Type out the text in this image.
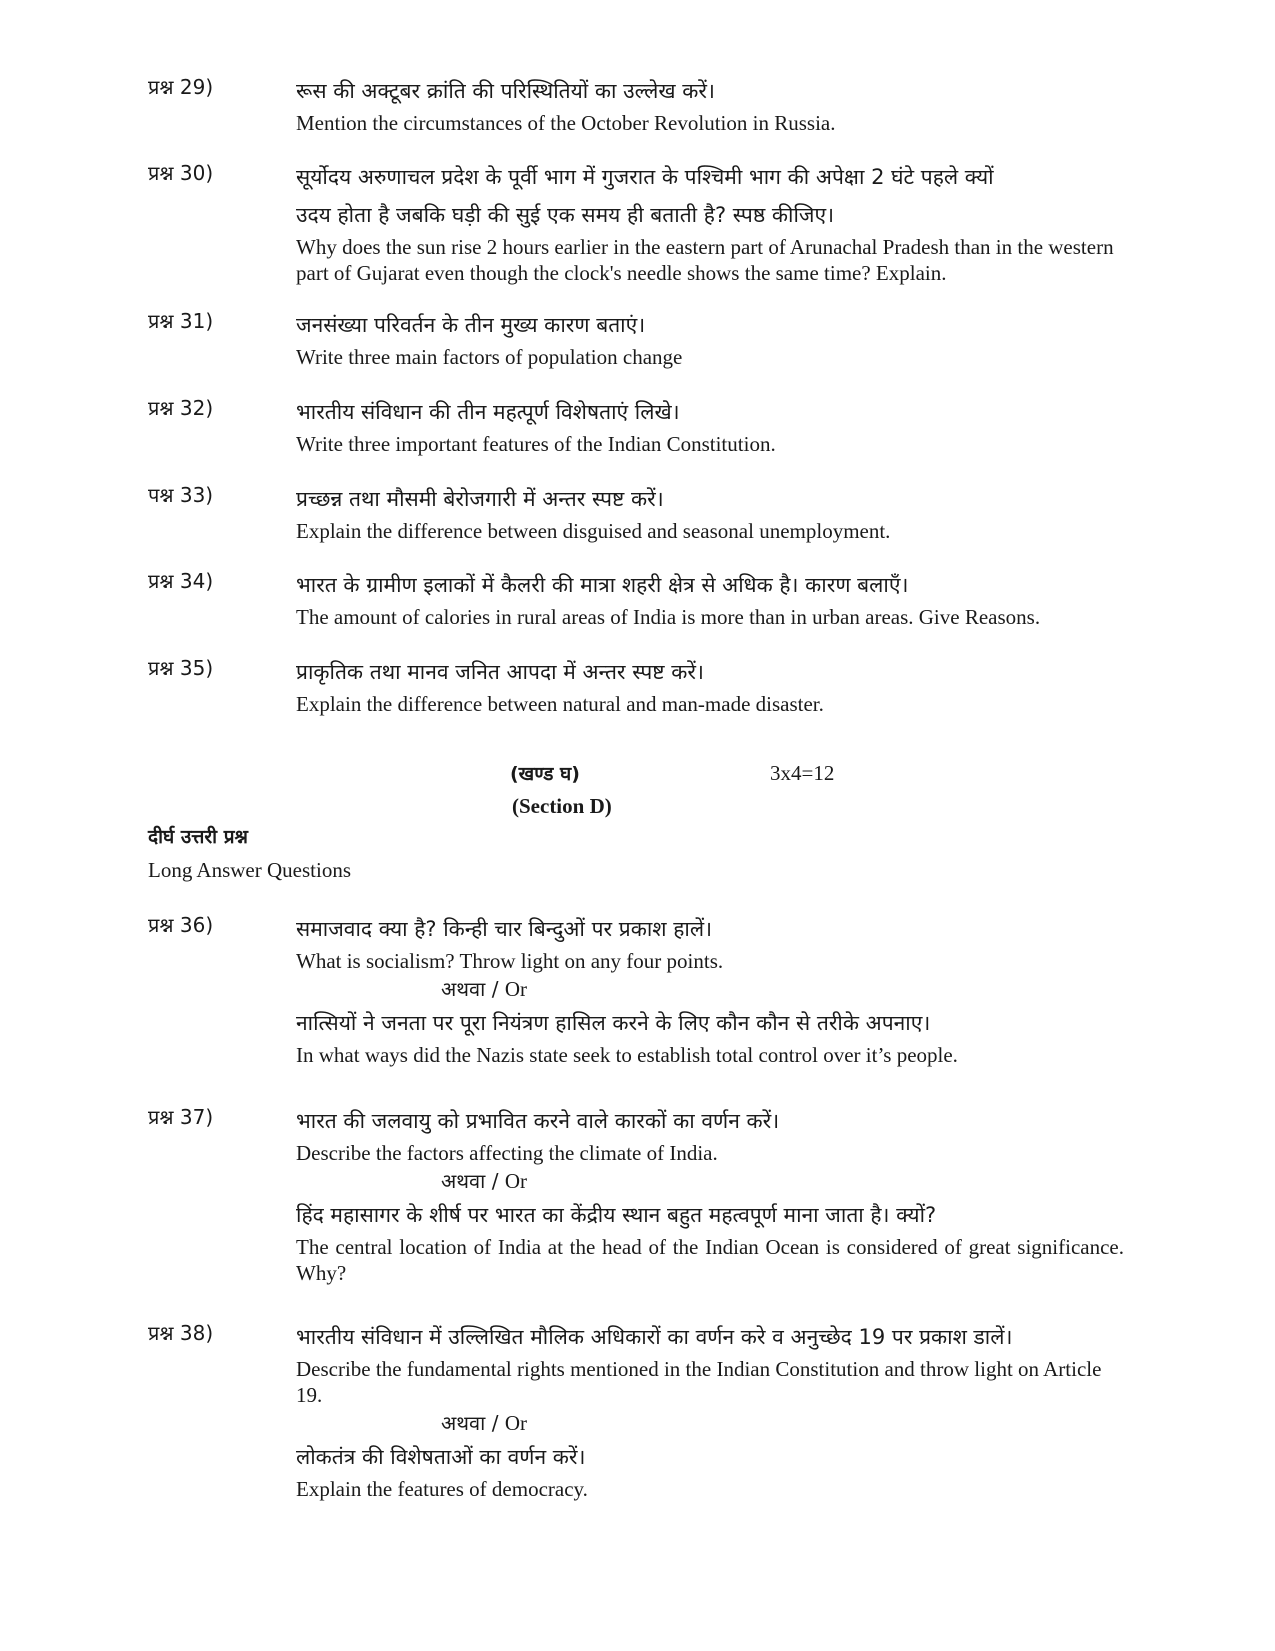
प्रश्न 29)	रूस की अक्टूबर क्रांति की परिस्थितियों का उल्लेख करें।
Mention the circumstances of the October Revolution in Russia.
प्रश्न 30)	सूर्योदय अरुणाचल प्रदेश के पूर्वी भाग में गुजरात के पश्चिमी भाग की अपेक्षा 2 घंटे पहले क्यों
उदय होता है जबकि घड़ी की सुई एक समय ही बताती है? स्पष्ठ कीजिए।
Why does the sun rise 2 hours earlier in the eastern part of Arunachal Pradesh than in the western part of Gujarat even though the clock's needle shows the same time? Explain.
प्रश्न 31)	जनसंख्या परिवर्तन के तीन मुख्य कारण बताएं।
Write three main factors of population change
प्रश्न 32)	भारतीय संविधान की तीन महत्पूर्ण विशेषताएं लिखे।
Write three important features of the Indian Constitution.
पश्न 33)	प्रच्छन्न तथा मौसमी बेरोजगारी में अन्तर स्पष्ट करें।
Explain the difference between disguised and seasonal unemployment.
प्रश्न 34)	भारत के ग्रामीण इलाकों में कैलरी की मात्रा शहरी क्षेत्र से अधिक है। कारण बलाएँ।
The amount of calories in rural areas of India is more than in urban areas. Give Reasons.
प्रश्न 35)	प्राकृतिक तथा मानव जनित आपदा में अन्तर स्पष्ट करें।
Explain the difference between natural and man-made disaster.
(खण्ड घ)	3x4=12
(Section D)
दीर्घ उत्तरी प्रश्न
Long Answer Questions
प्रश्न 36)	समाजवाद क्या है? किन्ही चार बिन्दुओं पर प्रकाश हालें।
What is socialism? Throw light on any four points.
अथवा / Or
नात्सियों ने जनता पर पूरा नियंत्रण हासिल करने के लिए कौन कौन से तरीके अपनाए।
In what ways did the Nazis state seek to establish total control over it’s people.
प्रश्न 37)	भारत की जलवायु को प्रभावित करने वाले कारकों का वर्णन करें।
Describe the factors affecting the climate of India.
अथवा / Or
हिंद महासागर के शीर्ष पर भारत का केंद्रीय स्थान बहुत महत्वपूर्ण माना जाता है। क्यों?
The central location of India at the head of the Indian Ocean is considered of great significance. Why?
प्रश्न 38)	भारतीय संविधान में उल्लिखित मौलिक अधिकारों का वर्णन करे व अनुच्छेद 19 पर प्रकाश डालें।
Describe the fundamental rights mentioned in the Indian Constitution and throw light on Article 19.
अथवा / Or
लोकतंत्र की विशेषताओं का वर्णन करें।
Explain the features of democracy.
